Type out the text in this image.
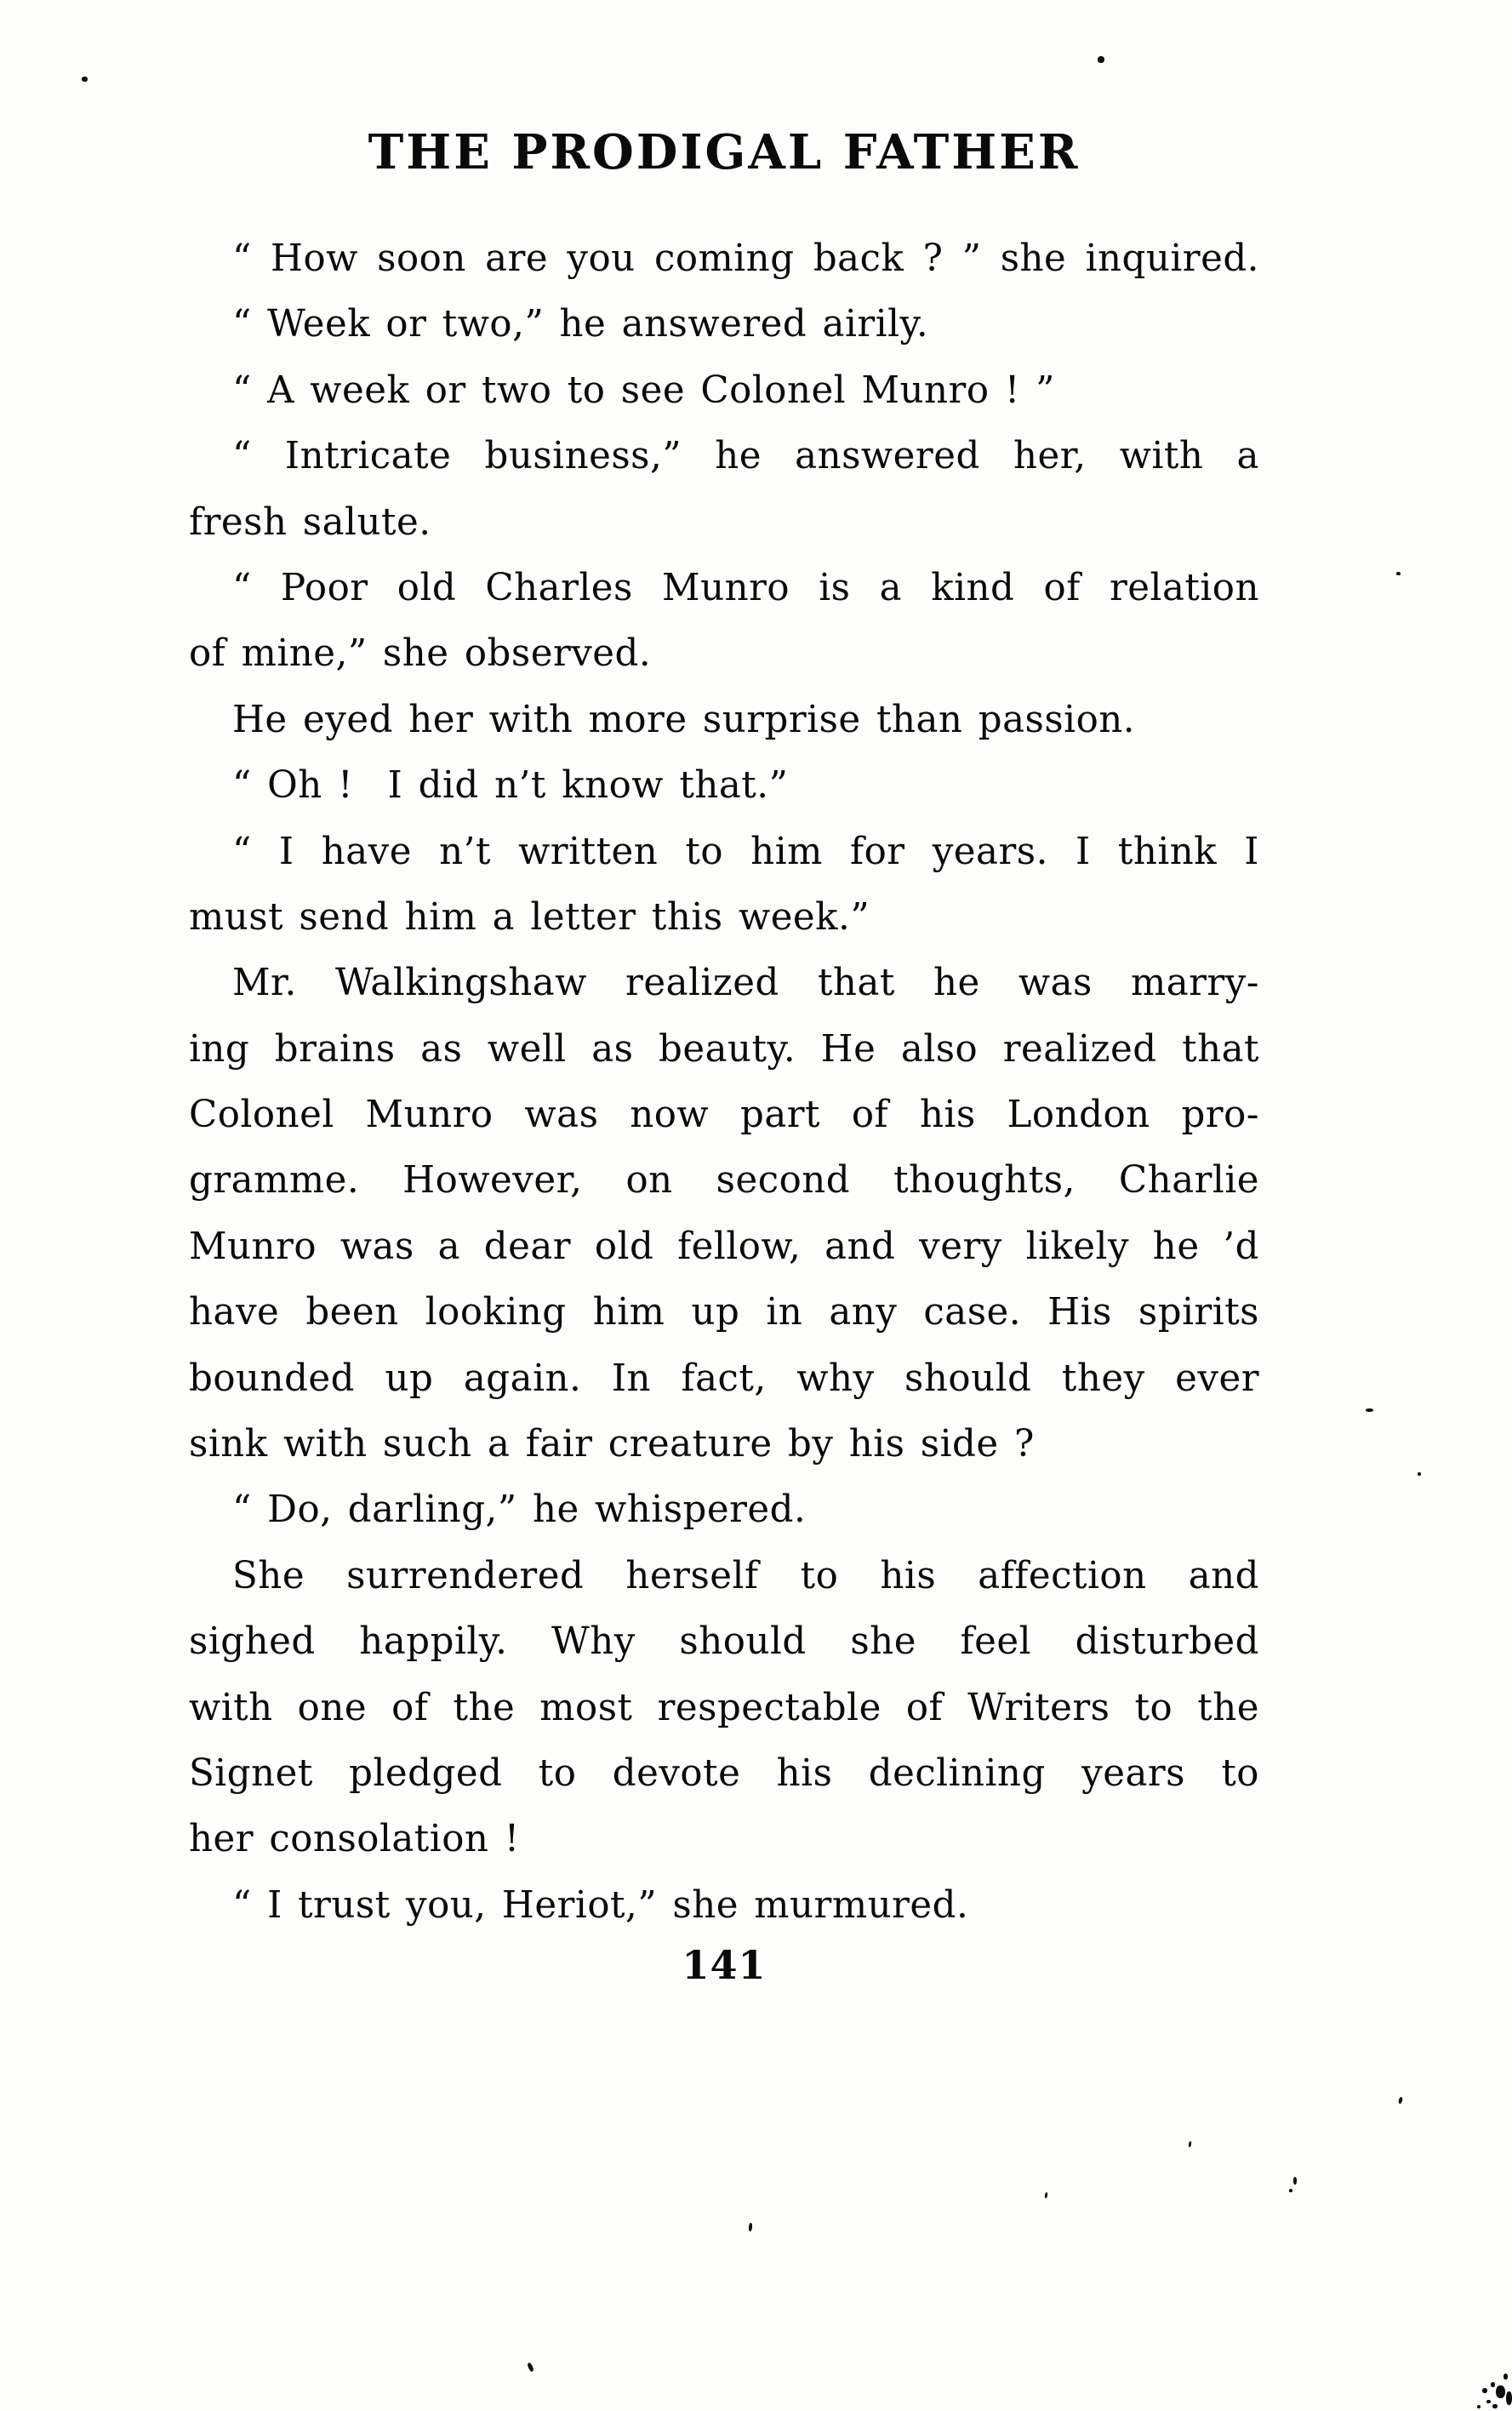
THE PRODIGAL FATHER
“ How soon are you coming back ? ” she inquired.
“ Week or two,” he answered airily.
“ A week or two to see Colonel Munro ! ”
“ Intricate business,” he answered her, with a
fresh salute.
“ Poor old Charles Munro is a kind of relation
of mine,” she observed.
He eyed her with more surprise than passion.
“ Oh !  I did n’t know that.”
“ I have n’t written to him for years. I think I
must send him a letter this week.”
Mr. Walkingshaw realized that he was marry-
ing brains as well as beauty. He also realized that
Colonel Munro was now part of his London pro-
gramme. However, on second thoughts, Charlie
Munro was a dear old fellow, and very likely he ’d
have been looking him up in any case. His spirits
bounded up again. In fact, why should they ever
sink with such a fair creature by his side ?
“ Do, darling,” he whispered.
She surrendered herself to his affection and
sighed happily. Why should she feel disturbed
with one of the most respectable of Writers to the
Signet pledged to devote his declining years to
her consolation !
“ I trust you, Heriot,” she murmured.
141
